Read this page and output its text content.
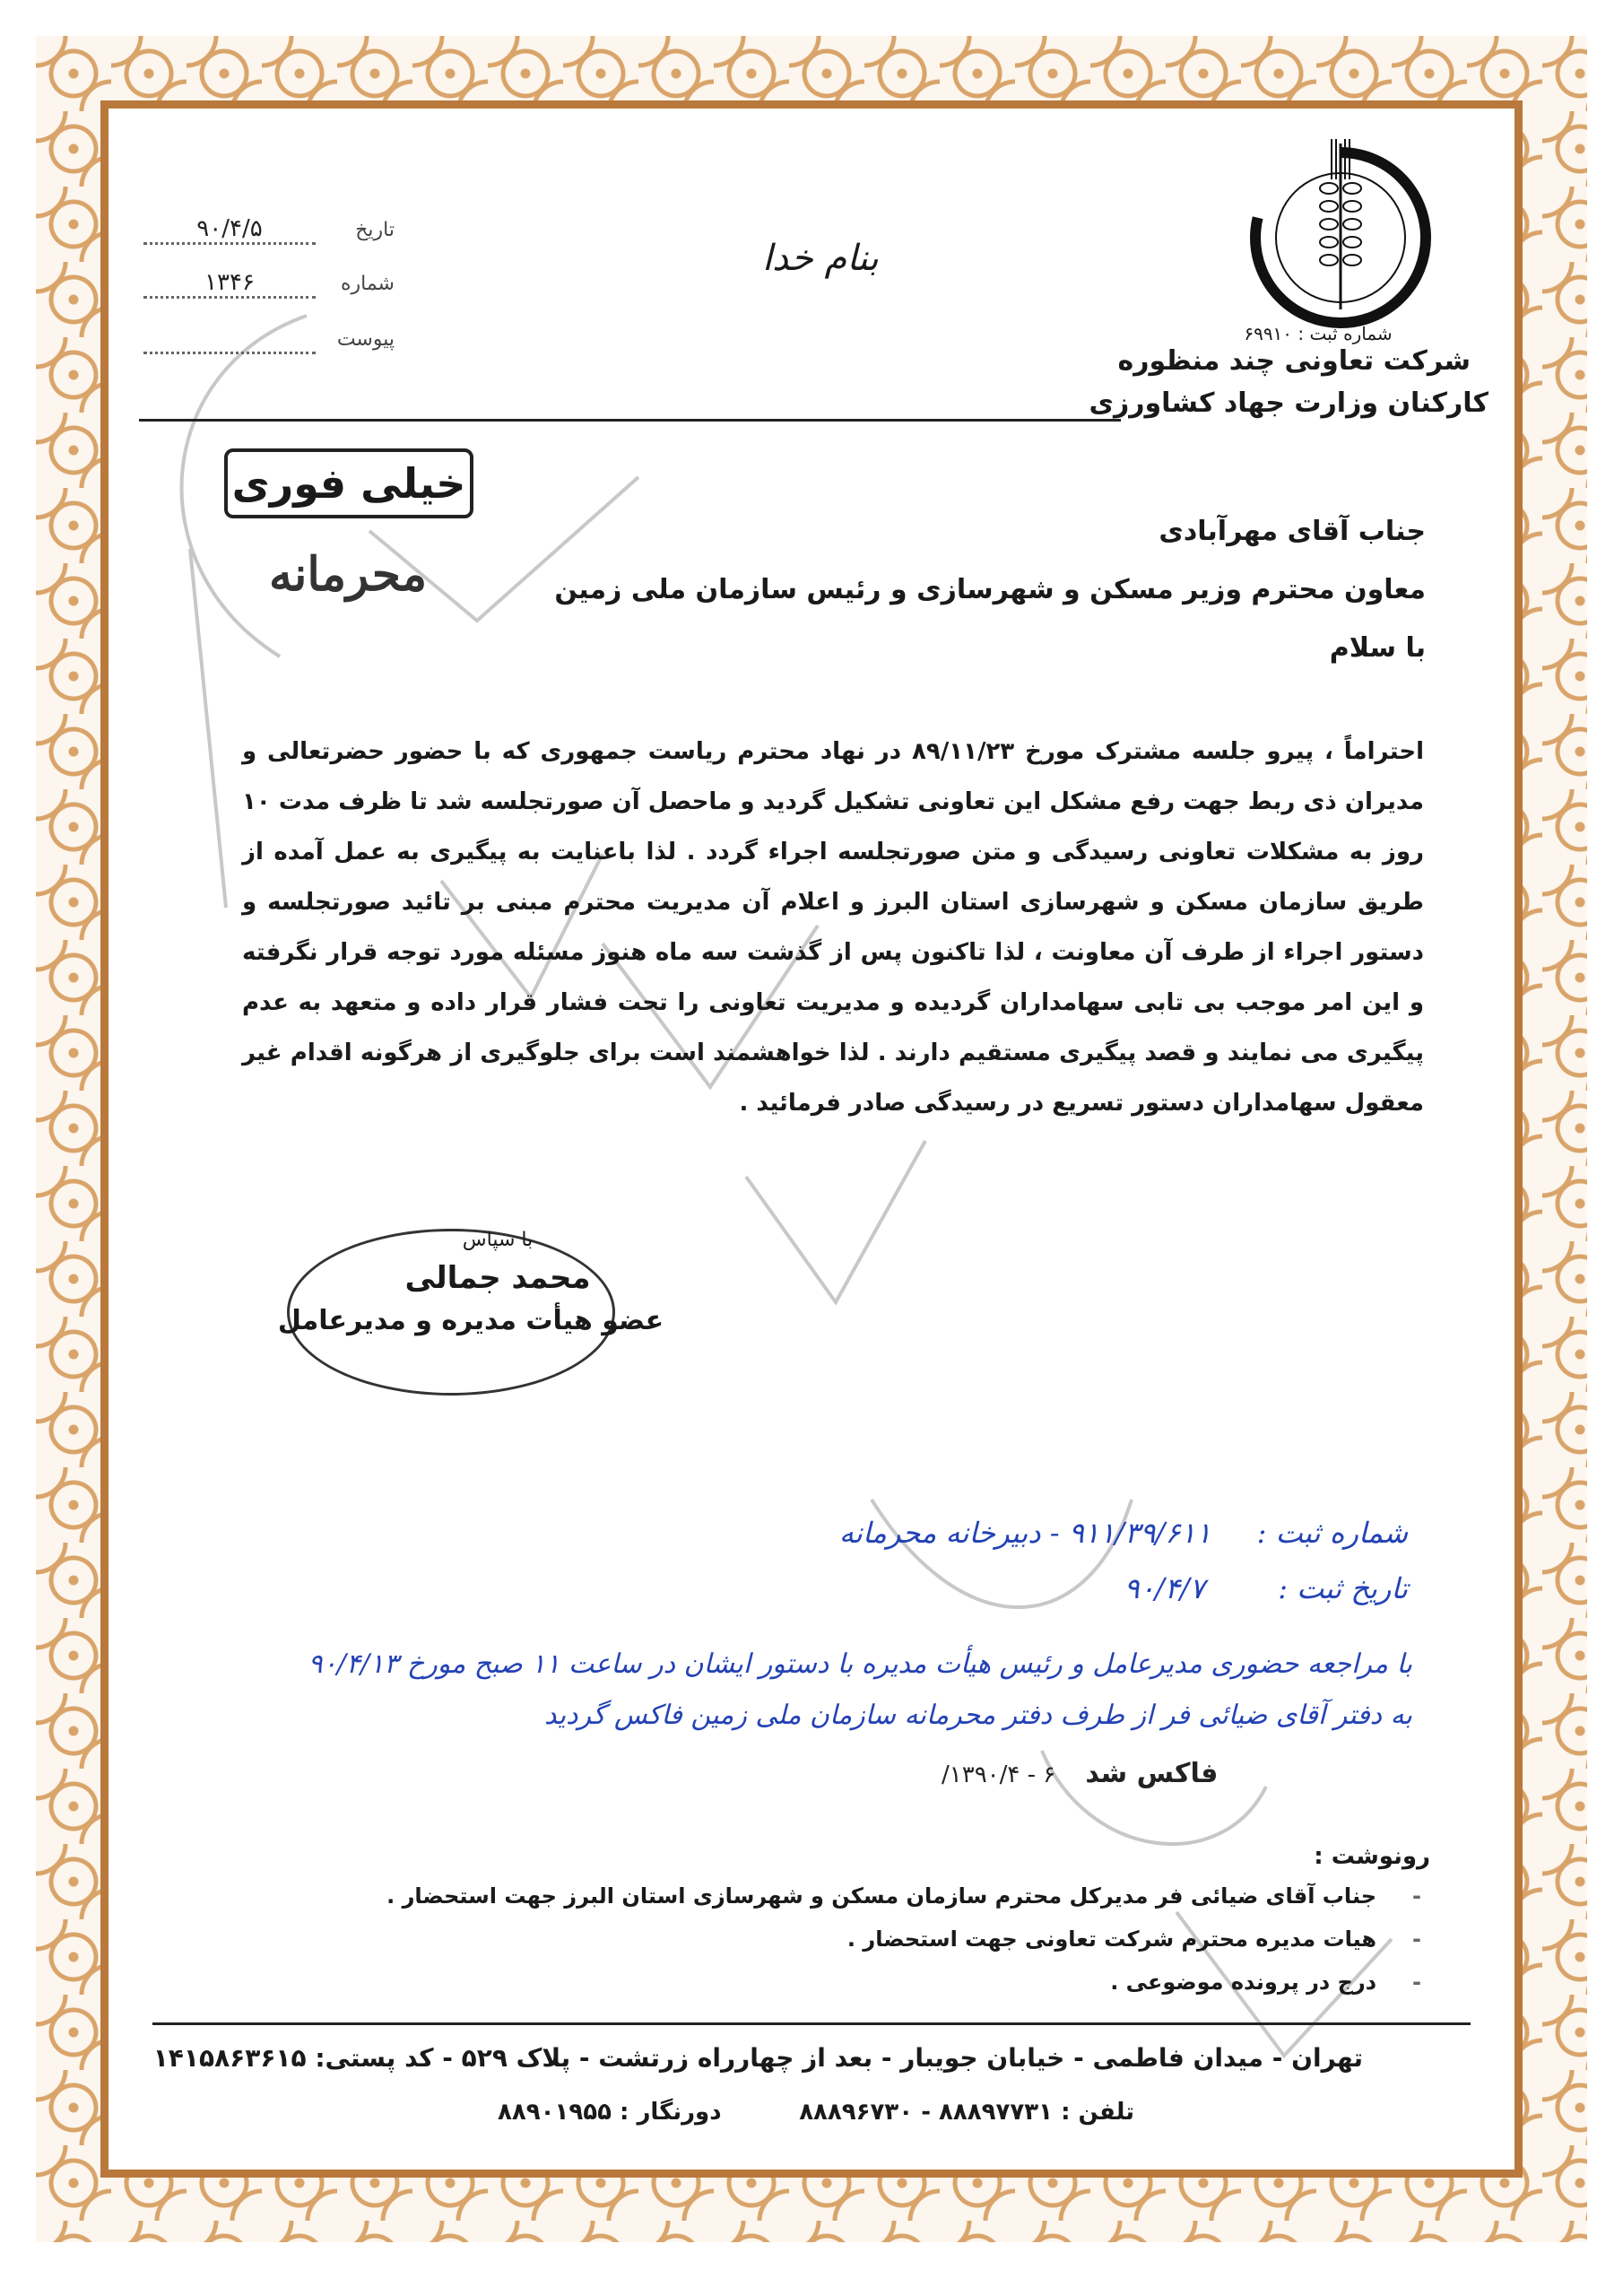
شماره ثبت : ۶۹۹۱۰
شرکت تعاونی چند منظوره
کارکنان وزارت جهاد کشاورزی
بنام خدا
۹۰/۴/۵	تاریخ
۱۳۴۶	شماره

پیوست
خیلی فوری
محرمانه
جناب آقای مهرآبادی
معاون محترم وزیر مسکن و شهرسازی و رئیس سازمان ملی زمین
با سلام
احتراماً ، پیرو جلسه مشترک مورخ ۸۹/۱۱/۲۳ در نهاد محترم ریاست جمهوری که با حضور حضرتعالی و مدیران ذی ربط جهت رفع مشکل این تعاونی تشکیل گردید و ماحصل آن صورتجلسه شد تا ظرف مدت ۱۰ روز به مشکلات تعاونی رسیدگی و متن صورتجلسه اجراء گردد . لذا باعنایت به پیگیری به عمل آمده از طریق سازمان مسکن و شهرسازی استان البرز و اعلام آن مدیریت محترم مبنی بر تائید صورتجلسه و دستور اجراء از طرف آن معاونت ، لذا تاکنون پس از گذشت سه ماه هنوز مسئله مورد توجه قرار نگرفته و این امر موجب بی تابی سهامداران گردیده و مدیریت تعاونی را تحت فشار قرار داده و متعهد به عدم پیگیری می نمایند و قصد پیگیری مستقیم دارند . لذا خواهشمند است برای جلوگیری از هرگونه اقدام غیر معقول سهامداران دستور تسریع در رسیدگی صادر فرمائید .
با سپاس
محمد جمالی
عضو هیأت مدیره و مدیرعامل
شماره ثبت :     ۹۱۱/۳۹/۶۱۱ - دبیرخانه محرمانه
تاریخ ثبت :        ۹۰/۴/۷
با مراجعه حضوری مدیرعامل و رئیس هیأت مدیره با دستور ایشان در ساعت ۱۱ صبح مورخ ۹۰/۴/۱۳
به دفتر آقای ضیائی فر از طرف دفتر محرمانه سازمان ملی زمین فاکس گردید
فاکس شد    ۶ - ۱۳۹۰/۴/
رونوشت :
-جناب آقای ضیائی فر مدیرکل محترم سازمان مسکن و شهرسازی استان البرز جهت استحضار .
-هیات مدیره محترم شرکت تعاونی جهت استحضار .
-درج در پرونده موضوعی .
تهران - میدان فاطمی - خیابان جویبار - بعد از چهارراه زرتشت - پلاک ۵۲۹ - کد پستی: ۱۴۱۵۸۶۳۶۱۵
تلفن : ۸۸۸۹۷۷۳۱ - ۸۸۸۹۶۷۳۰
دورنگار : ۸۸۹۰۱۹۵۵
